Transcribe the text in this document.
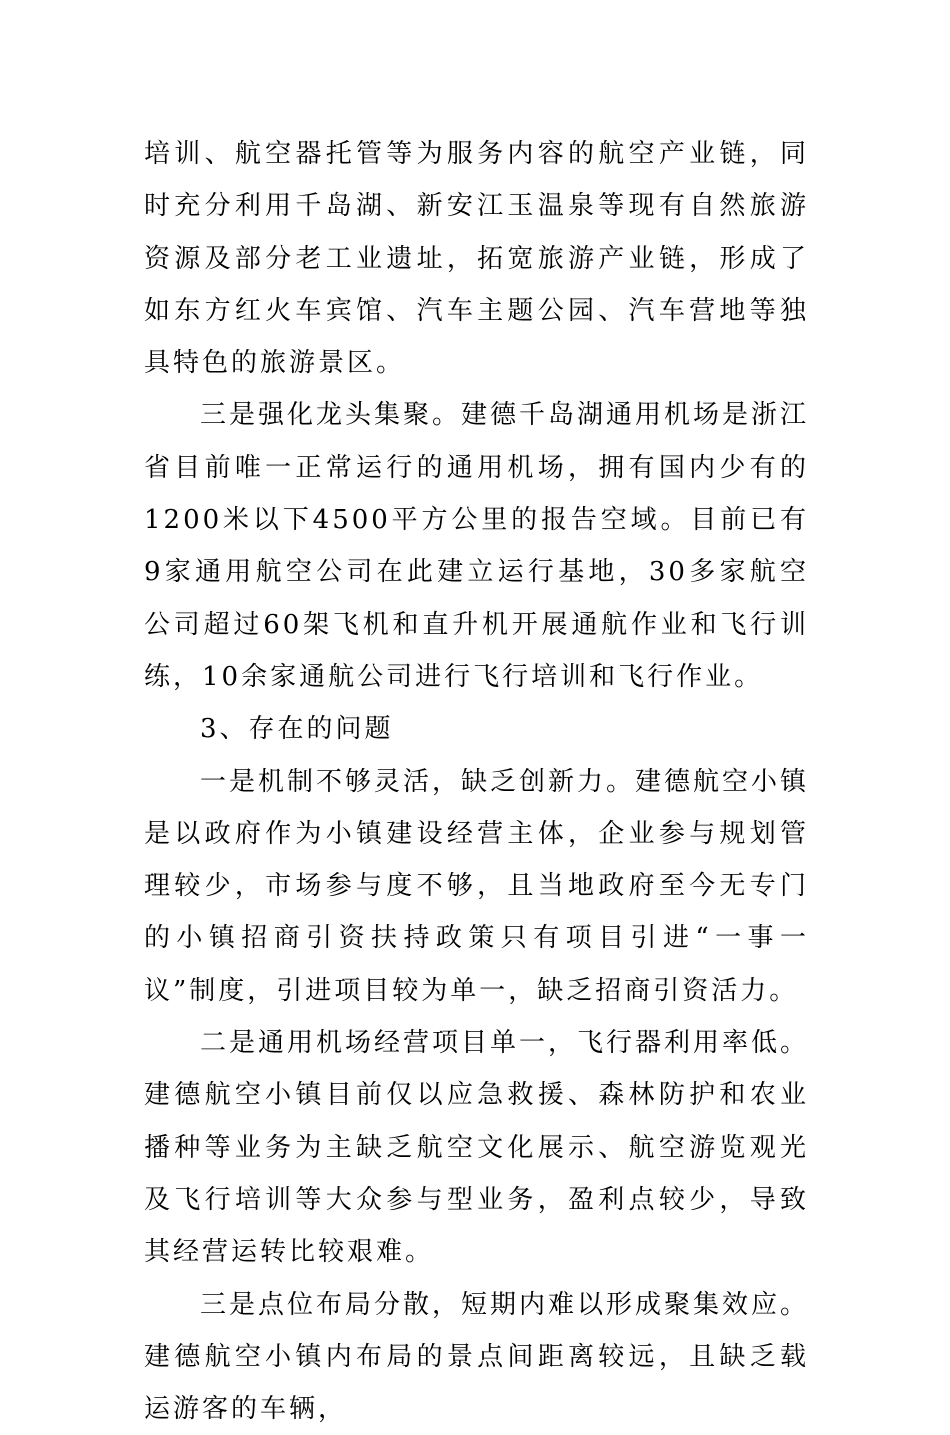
培训、航空器托管等为服务内容的航空产业链，同时充分利用千岛湖、新安江玉温泉等现有自然旅游资源及部分老工业遗址，拓宽旅游产业链，形成了如东方红火车宾馆、汽车主题公园、汽车营地等独具特色的旅游景区。

三是强化龙头集聚。建德千岛湖通用机场是浙江省目前唯一正常运行的通用机场，拥有国内少有的1200米以下4500平方公里的报告空域。目前已有9家通用航空公司在此建立运行基地，30多家航空公司超过60架飞机和直升机开展通航作业和飞行训练，10余家通航公司进行飞行培训和飞行作业。

3、存在的问题

一是机制不够灵活，缺乏创新力。建德航空小镇是以政府作为小镇建设经营主体，企业参与规划管理较少，市场参与度不够，且当地政府至今无专门的小镇招商引资扶持政策只有项目引进“一事一议”制度，引进项目较为单一，缺乏招商引资活力。

二是通用机场经营项目单一，飞行器利用率低。建德航空小镇目前仅以应急救援、森林防护和农业播种等业务为主缺乏航空文化展示、航空游览观光及飞行培训等大众参与型业务，盈利点较少，导致其经营运转比较艰难。

三是点位布局分散，短期内难以形成聚集效应。建德航空小镇内布局的景点间距离较远，且缺乏载运游客的车辆，
